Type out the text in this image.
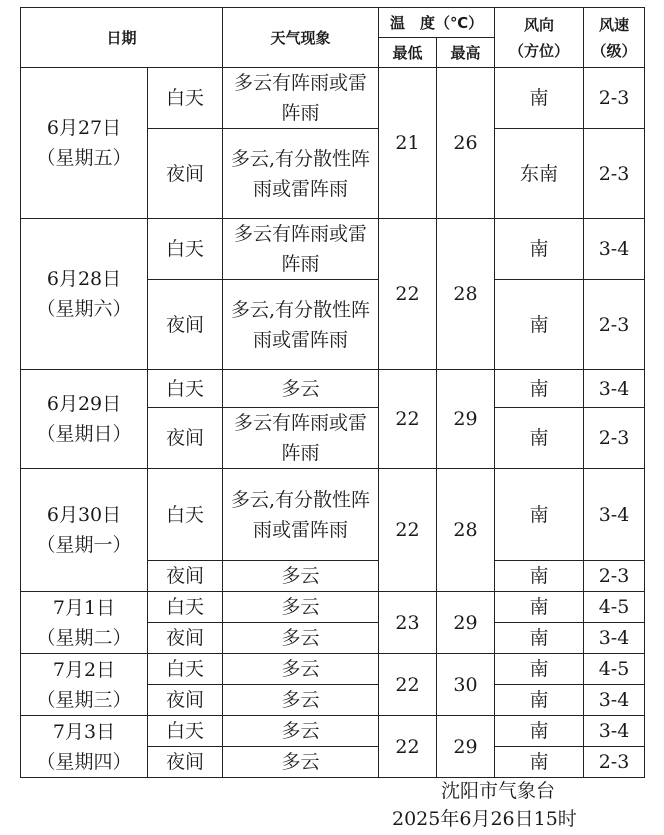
日期		天气现象	温　度（℃）		风向
（方位）	风速
（级）

			最低	最高		

6月27日
（星期五）	白天	多云有阵雨或雷阵雨	21	26	南	2-3
	夜间	多云,有分散性阵雨或雷阵雨			东南	2-3

6月28日
（星期六）	白天	多云有阵雨或雷阵雨	22	28	南	3-4
	夜间	多云,有分散性阵雨或雷阵雨			南	2-3

6月29日
（星期日）	白天	多云	22	29	南	3-4
	夜间	多云有阵雨或雷阵雨			南	2-3

6月30日
（星期一）	白天	多云,有分散性阵雨或雷阵雨	22	28	南	3-4
	夜间	多云			南	2-3

7月1日
（星期二）	白天	多云	23	29	南	4-5
	夜间	多云			南	3-4

7月2日
（星期三）	白天	多云	22	30	南	4-5
	夜间	多云			南	3-4

7月3日
（星期四）	白天	多云	22	29	南	3-4
	夜间	多云			南	2-3
沈阳市气象台
2025年6月26日15时
